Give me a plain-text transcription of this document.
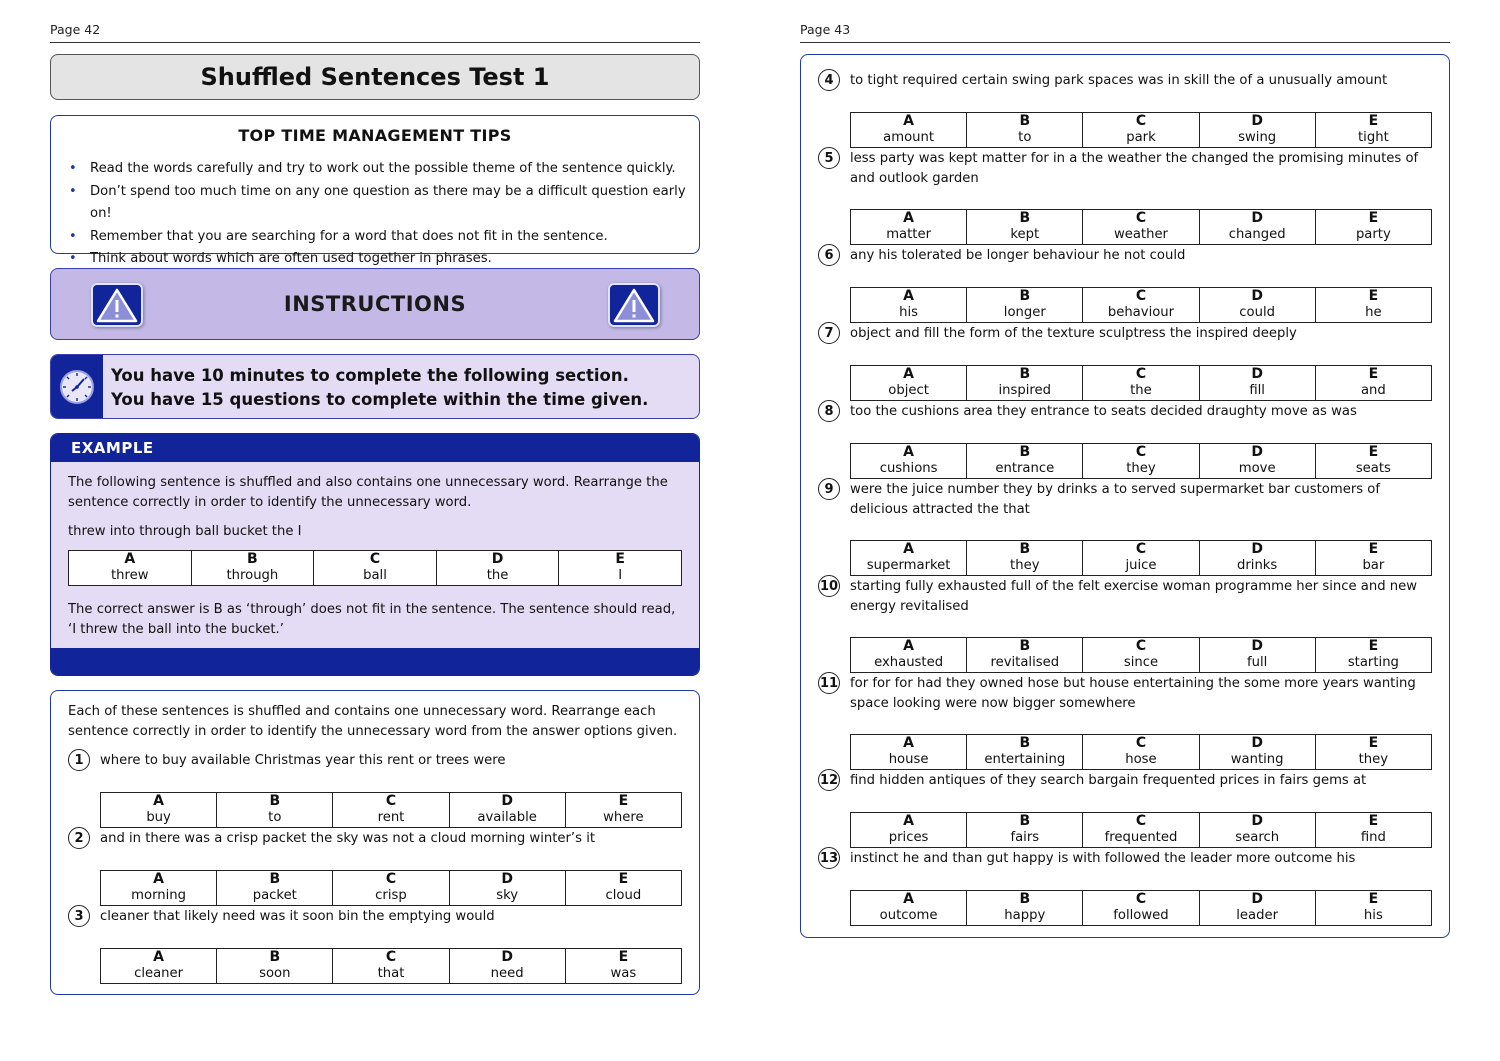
Page 42
Shuffled Sentences Test 1
TOP TIME MANAGEMENT TIPS
• Read the words carefully and try to work out the possible theme of the sentence quickly.
• Don’t spend too much time on any one question as there may be a difficult question early on!
• Remember that you are searching for a word that does not fit in the sentence.
• Think about words which are often used together in phrases.
INSTRUCTIONS
You have 10 minutes to complete the following section.
You have 15 questions to complete within the time given.
EXAMPLE
The following sentence is shuffled and also contains one unnecessary word. Rearrange the sentence correctly in order to identify the unnecessary word.
threw into through ball bucket the I
A	B	C	D	E
threw	through	ball	the	I
The correct answer is B as ‘through’ does not fit in the sentence. The sentence should read, ‘I threw the ball into the bucket.’
Each of these sentences is shuffled and contains one unnecessary word. Rearrange each sentence correctly in order to identify the unnecessary word from the answer options given.
1	where to buy available Christmas year this rent or trees were
A	B	C	D	E
buy	to	rent	available	where
2	and in there was a crisp packet the sky was not a cloud morning winter’s it
A	B	C	D	E
morning	packet	crisp	sky	cloud
3	cleaner that likely need was it soon bin the emptying would
A	B	C	D	E
cleaner	soon	that	need	was
Page 43
4	to tight required certain swing park spaces was in skill the of a unusually amount
A	B	C	D	E
amount	to	park	swing	tight
5	less party was kept matter for in a the weather the changed the promising minutes of and outlook garden
A	B	C	D	E
matter	kept	weather	changed	party
6	any his tolerated be longer behaviour he not could
A	B	C	D	E
his	longer	behaviour	could	he
7	object and fill the form of the texture sculptress the inspired deeply
A	B	C	D	E
object	inspired	the	fill	and
8	too the cushions area they entrance to seats decided draughty move as was
A	B	C	D	E
cushions	entrance	they	move	seats
9	were the juice number they by drinks a to served supermarket bar customers of delicious attracted the that
A	B	C	D	E
supermarket	they	juice	drinks	bar
10 starting fully exhausted full of the felt exercise woman programme her since and new energy revitalised
A	B	C	D	E
exhausted	revitalised	since	full	starting
11 for for for had they owned hose but house entertaining the some more years wanting space looking were now bigger somewhere
A	B	C	D	E
house	entertaining	hose	wanting	they
12 find hidden antiques of they search bargain frequented prices in fairs gems at
A	B	C	D	E
prices	fairs	frequented	search	find
13 instinct he and than gut happy is with followed the leader more outcome his
A	B	C	D	E
outcome	happy	followed	leader	his
